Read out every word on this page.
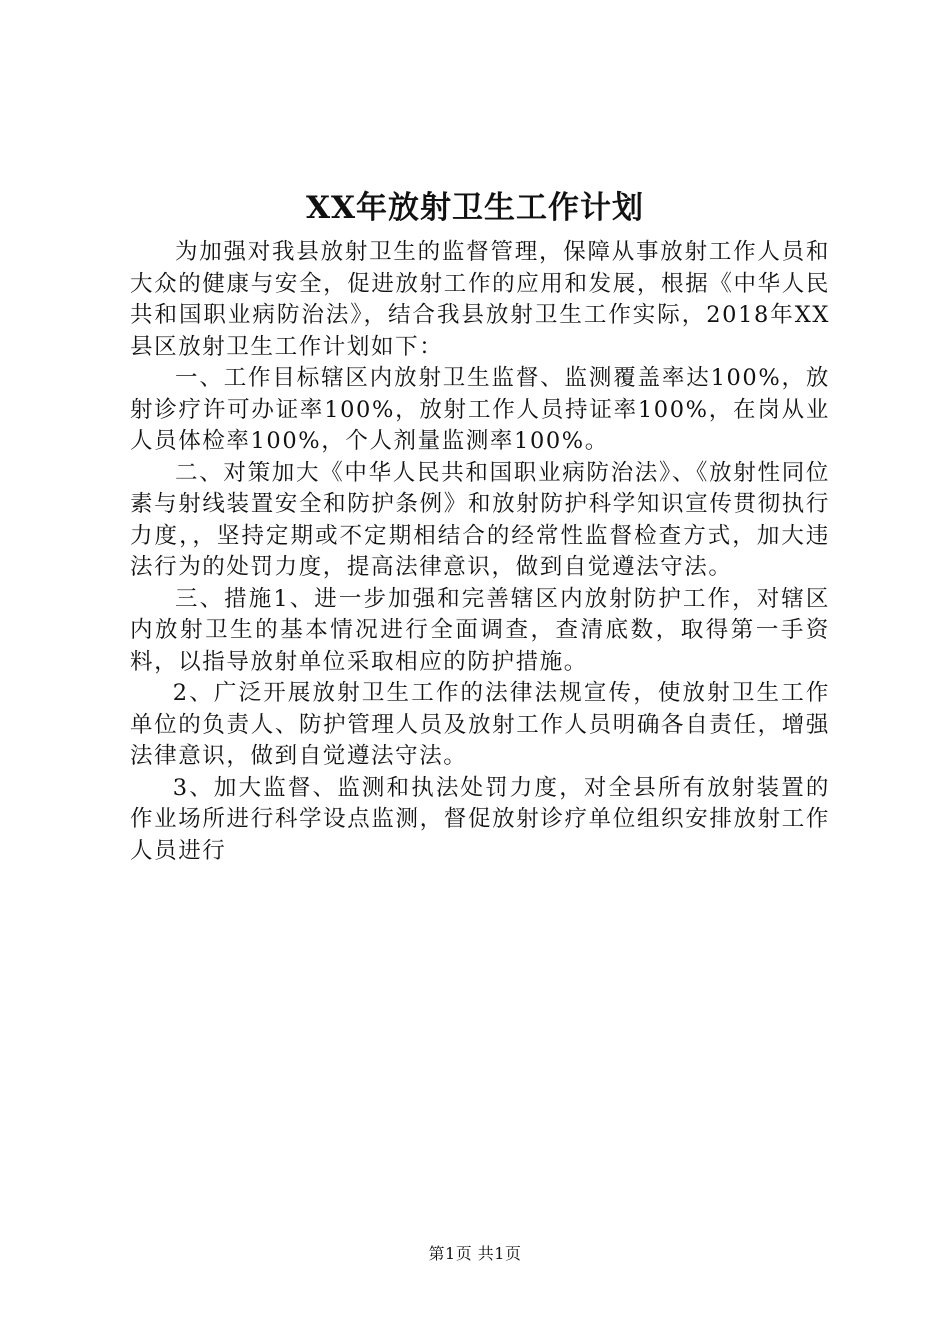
XX年放射卫生工作计划

为加强对我县放射卫生的监督管理，保障从事放射工作人员和大众的健康与安全，促进放射工作的应用和发展，根据《中华人民共和国职业病防治法》，结合我县放射卫生工作实际，2018年XX县区放射卫生工作计划如下：

一、工作目标辖区内放射卫生监督、监测覆盖率达100%，放射诊疗许可办证率100%，放射工作人员持证率100%，在岗从业人员体检率100%，个人剂量监测率100%。

二、对策加大《中华人民共和国职业病防治法》、《放射性同位素与射线装置安全和防护条例》和放射防护科学知识宣传贯彻执行力度，，坚持定期或不定期相结合的经常性监督检查方式，加大违法行为的处罚力度，提高法律意识，做到自觉遵法守法。

三、措施1、进一步加强和完善辖区内放射防护工作，对辖区内放射卫生的基本情况进行全面调查，查清底数，取得第一手资料，以指导放射单位采取相应的防护措施。

2、广泛开展放射卫生工作的法律法规宣传，使放射卫生工作单位的负责人、防护管理人员及放射工作人员明确各自责任，增强法律意识，做到自觉遵法守法。

3、加大监督、监测和执法处罚力度，对全县所有放射装置的作业场所进行科学设点监测，督促放射诊疗单位组织安排放射工作人员进行

第1页 共1页
